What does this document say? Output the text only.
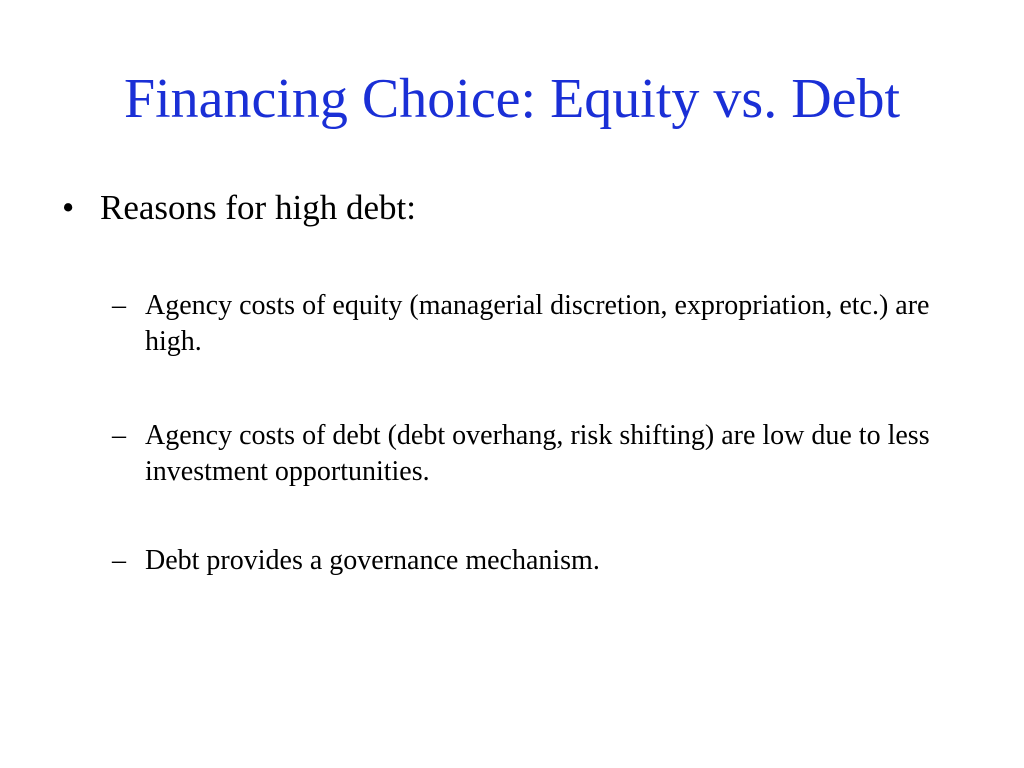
Financing Choice: Equity vs. Debt
• Reasons for high debt:
– Agency costs of equity (managerial discretion, expropriation, etc.) are high.
– Agency costs of debt (debt overhang, risk shifting) are low due to less investment opportunities.
– Debt provides a governance mechanism.
